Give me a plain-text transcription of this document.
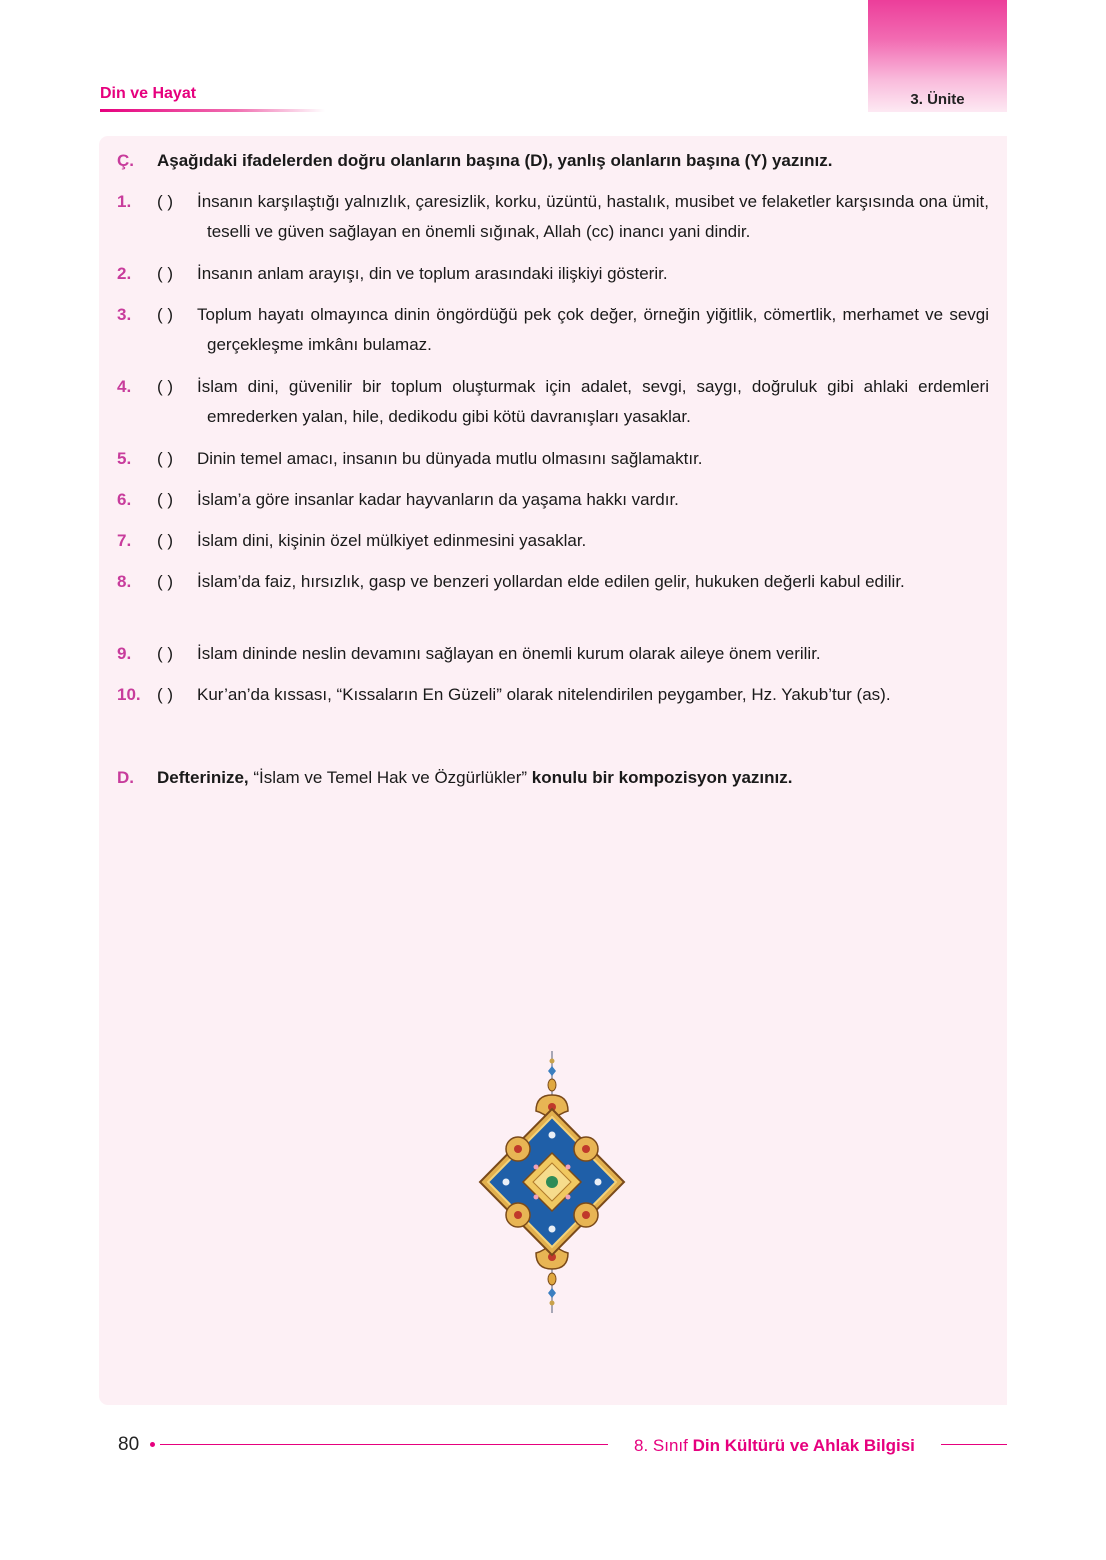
3. Ünite
Din ve Hayat
Ç. Aşağıdaki ifadelerden doğru olanların başına (D), yanlış olanların başına (Y) yazınız.
1. ( ) İnsanın karşılaştığı yalnızlık, çaresizlik, korku, üzüntü, hastalık, musibet ve felaketler karşısında ona ümit, teselli ve güven sağlayan en önemli sığınak, Allah (cc) inancı yani dindir.
2. ( ) İnsanın anlam arayışı, din ve toplum arasındaki ilişkiyi gösterir.
3. ( ) Toplum hayatı olmayınca dinin öngördüğü pek çok değer, örneğin yiğitlik, cömertlik, merhamet ve sevgi gerçekleşme imkânı bulamaz.
4. ( ) İslam dini, güvenilir bir toplum oluşturmak için adalet, sevgi, saygı, doğruluk gibi ahlaki erdemleri emrederken yalan, hile, dedikodu gibi kötü davranışları yasaklar.
5. ( ) Dinin temel amacı, insanın bu dünyada mutlu olmasını sağlamaktır.
6. ( ) İslam’a göre insanlar kadar hayvanların da yaşama hakkı vardır.
7. ( ) İslam dini, kişinin özel mülkiyet edinmesini yasaklar.
8. ( ) İslam’da faiz, hırsızlık, gasp ve benzeri yollardan elde edilen gelir, hukuken değerli kabul edilir.
9. ( ) İslam dininde neslin devamını sağlayan en önemli kurum olarak aileye önem verilir.
10. ( ) Kur’an’da kıssası, “Kıssaların En Güzeli” olarak nitelendirilen peygamber, Hz. Yakub’tur (as).
D. Defterinize, “İslam ve Temel Hak ve Özgürlükler” konulu bir kompozisyon yazınız.
80	8. Sınıf Din Kültürü ve Ahlak Bilgisi
